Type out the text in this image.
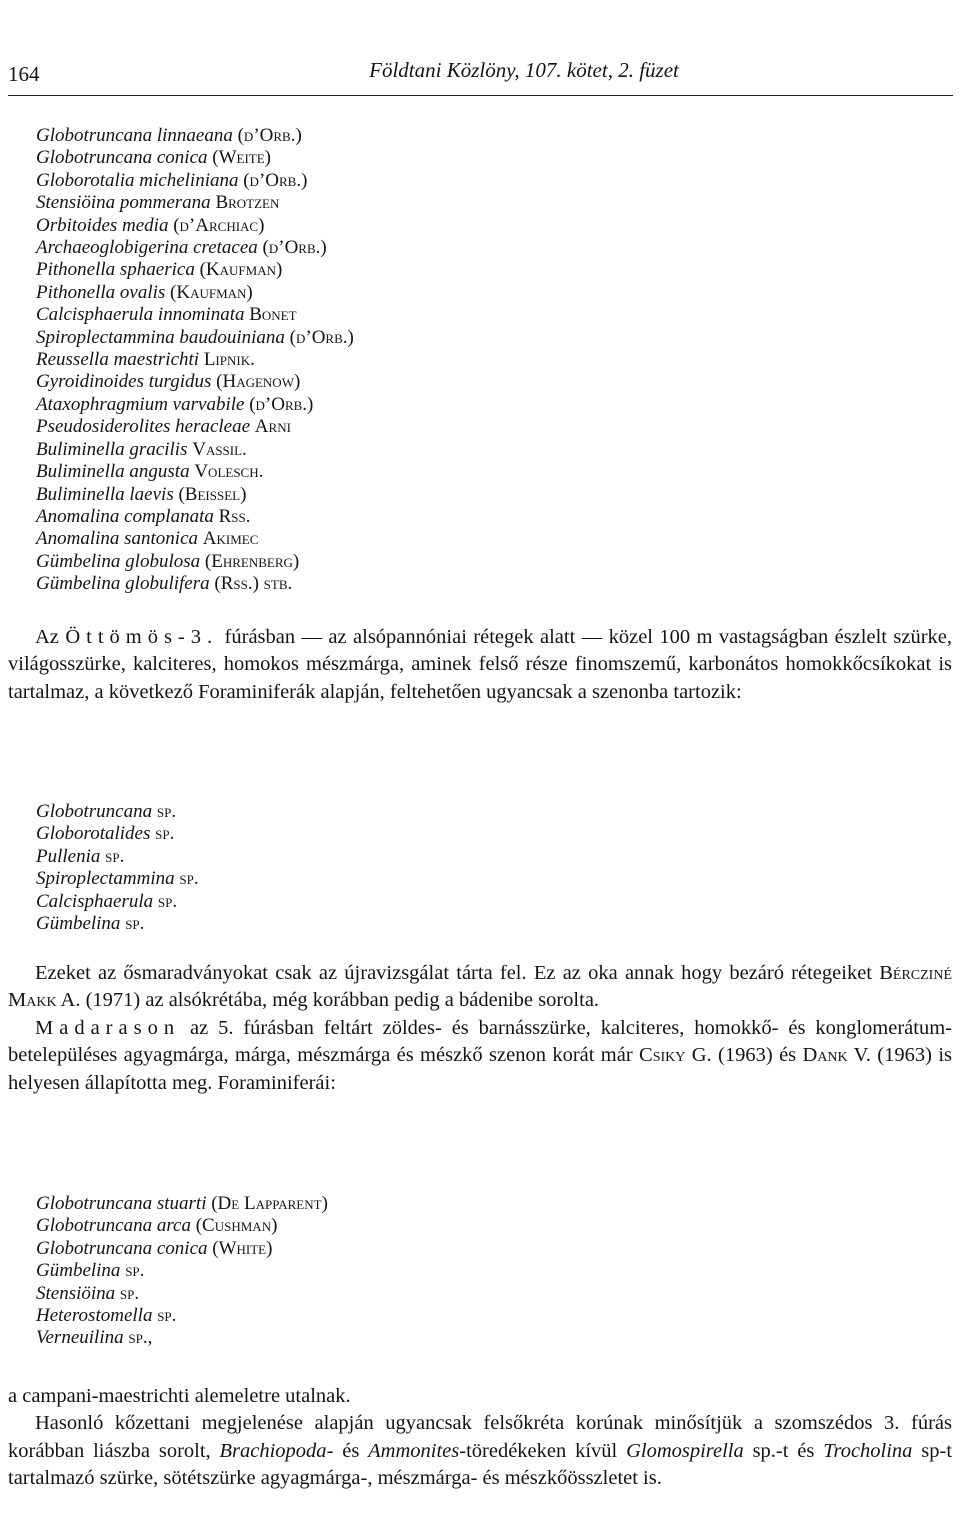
164	Földtani Közlöny, 107. kötet, 2. füzet
Globotruncana linnaeana (d’Orb.)
Globotruncana conica (Weite)
Globorotalia micheliniana (d’Orb.)
Stensiöina pommerana Brotzen
Orbitoides media (d’Archiac)
Archaeoglobigerina cretacea (d’Orb.)
Pithonella sphaerica (Kaufman)
Pithonella ovalis (Kaufman)
Calcisphaerula innominata Bonet
Spiroplectammina baudouiniana (d’Orb.)
Reussella maestrichti Lipnik.
Gyroidinoides turgidus (Hagenow)
Ataxophragmium varvabile (d’Orb.)
Pseudosiderolites heracleae Arni
Buliminella gracilis Vassil.
Buliminella angusta Volesch.
Buliminella laevis (Beissel)
Anomalina complanata Rss.
Anomalina santonica Akimec
Gümbelina globulosa (Ehrenberg)
Gümbelina globulifera (Rss.) stb.

Az Öttömös-3. fúrásban — az alsópannóniai rétegek alatt — közel 100 m vastagságban észlelt szürke, világosszürke, kalciteres, homokos mészmárga, aminek felső része finomszemű, karbonátos homokkőcsíkokat is tartalmaz, a következő Foraminiferák alapján, feltehetően ugyancsak a szenonba tartozik:

Globotruncana sp.
Globorotalides sp.
Pullenia sp.
Spiroplectammina sp.
Calcisphaerula sp.
Gümbelina sp.

Ezeket az ősmaradványokat csak az újravizsgálat tárta fel. Ez az oka annak hogy bezáró rétegeiket Bércziné Makk A. (1971) az alsókrétába, még korábban pedig a bádenibe sorolta.

Madarason az 5. fúrásban feltárt zöldes- és barnásszürke, kalciteres, homokkő- és konglomerátum-betelepüléses agyagmárga, márga, mészmárga és mészkő szenon korát már Csiky G. (1963) és Dank V. (1963) is helyesen állapította meg. Foraminiferái:

Globotruncana stuarti (De Lapparent)
Globotruncana arca (Cushman)
Globotruncana conica (White)
Gümbelina sp.
Stensiöina sp.
Heterostomella sp.
Verneuilina sp.,

a campani-maestrichti alemeletre utalnak.

Hasonló kőzettani megjelenése alapján ugyancsak felsőkréta korúnak minősítjük a szomszédos 3. fúrás korábban liászba sorolt, Brachiopoda- és Ammonites-töredékeken kívül Glomospirella sp.-t és Trocholina sp-t tartalmazó szürke, sötétszürke agyagmárga-, mészmárga- és mészkőösszletet is.
